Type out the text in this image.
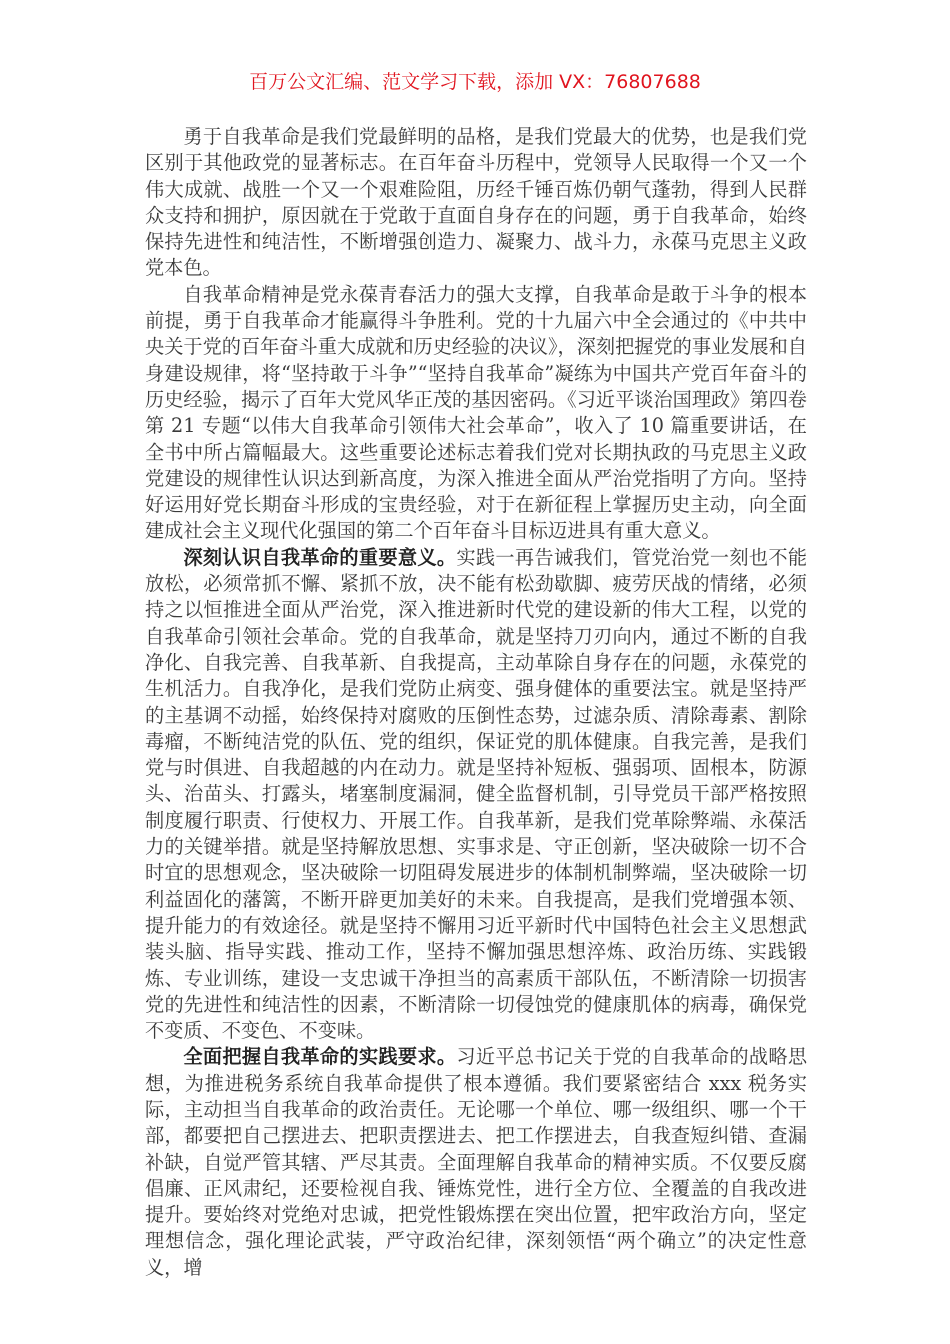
百万公文汇编、范文学习下载，添加 VX：76807688

勇于自我革命是我们党最鲜明的品格，是我们党最大的优势，也是我们党区别于其他政党的显著标志。在百年奋斗历程中，党领导人民取得一个又一个伟大成就、战胜一个又一个艰难险阻，历经千锤百炼仍朝气蓬勃，得到人民群众支持和拥护，原因就在于党敢于直面自身存在的问题，勇于自我革命，始终保持先进性和纯洁性，不断增强创造力、凝聚力、战斗力，永葆马克思主义政党本色。

自我革命精神是党永葆青春活力的强大支撑，自我革命是敢于斗争的根本前提，勇于自我革命才能赢得斗争胜利。党的十九届六中全会通过的《中共中央关于党的百年奋斗重大成就和历史经验的决议》，深刻把握党的事业发展和自身建设规律，将“坚持敢于斗争”“坚持自我革命”凝练为中国共产党百年奋斗的历史经验，揭示了百年大党风华正茂的基因密码。《习近平谈治国理政》第四卷第 21 专题“以伟大自我革命引领伟大社会革命”，收入了 10 篇重要讲话，在全书中所占篇幅最大。这些重要论述标志着我们党对长期执政的马克思主义政党建设的规律性认识达到新高度，为深入推进全面从严治党指明了方向。坚持好运用好党长期奋斗形成的宝贵经验，对于在新征程上掌握历史主动，向全面建成社会主义现代化强国的第二个百年奋斗目标迈进具有重大意义。

深刻认识自我革命的重要意义。实践一再告诫我们，管党治党一刻也不能放松，必须常抓不懈、紧抓不放，决不能有松劲歇脚、疲劳厌战的情绪，必须持之以恒推进全面从严治党，深入推进新时代党的建设新的伟大工程，以党的自我革命引领社会革命。党的自我革命，就是坚持刀刃向内，通过不断的自我净化、自我完善、自我革新、自我提高，主动革除自身存在的问题，永葆党的生机活力。自我净化，是我们党防止病变、强身健体的重要法宝。就是坚持严的主基调不动摇，始终保持对腐败的压倒性态势，过滤杂质、清除毒素、割除毒瘤，不断纯洁党的队伍、党的组织，保证党的肌体健康。自我完善，是我们党与时俱进、自我超越的内在动力。就是坚持补短板、强弱项、固根本，防源头、治苗头、打露头，堵塞制度漏洞，健全监督机制，引导党员干部严格按照制度履行职责、行使权力、开展工作。自我革新，是我们党革除弊端、永葆活力的关键举措。就是坚持解放思想、实事求是、守正创新，坚决破除一切不合时宜的思想观念，坚决破除一切阻碍发展进步的体制机制弊端，坚决破除一切利益固化的藩篱，不断开辟更加美好的未来。自我提高，是我们党增强本领、提升能力的有效途径。就是坚持不懈用习近平新时代中国特色社会主义思想武装头脑、指导实践、推动工作，坚持不懈加强思想淬炼、政治历练、实践锻炼、专业训练，建设一支忠诚干净担当的高素质干部队伍，不断清除一切损害党的先进性和纯洁性的因素，不断清除一切侵蚀党的健康肌体的病毒，确保党不变质、不变色、不变味。

全面把握自我革命的实践要求。习近平总书记关于党的自我革命的战略思想，为推进税务系统自我革命提供了根本遵循。我们要紧密结合 xxx 税务实际，主动担当自我革命的政治责任。无论哪一个单位、哪一级组织、哪一个干部，都要把自己摆进去、把职责摆进去、把工作摆进去，自我查短纠错、查漏补缺，自觉严管其辖、严尽其责。全面理解自我革命的精神实质。不仅要反腐倡廉、正风肃纪，还要检视自我、锤炼党性，进行全方位、全覆盖的自我改进提升。要始终对党绝对忠诚，把党性锻炼摆在突出位置，把牢政治方向，坚定理想信念，强化理论武装，严守政治纪律，深刻领悟“两个确立”的决定性意义，增
